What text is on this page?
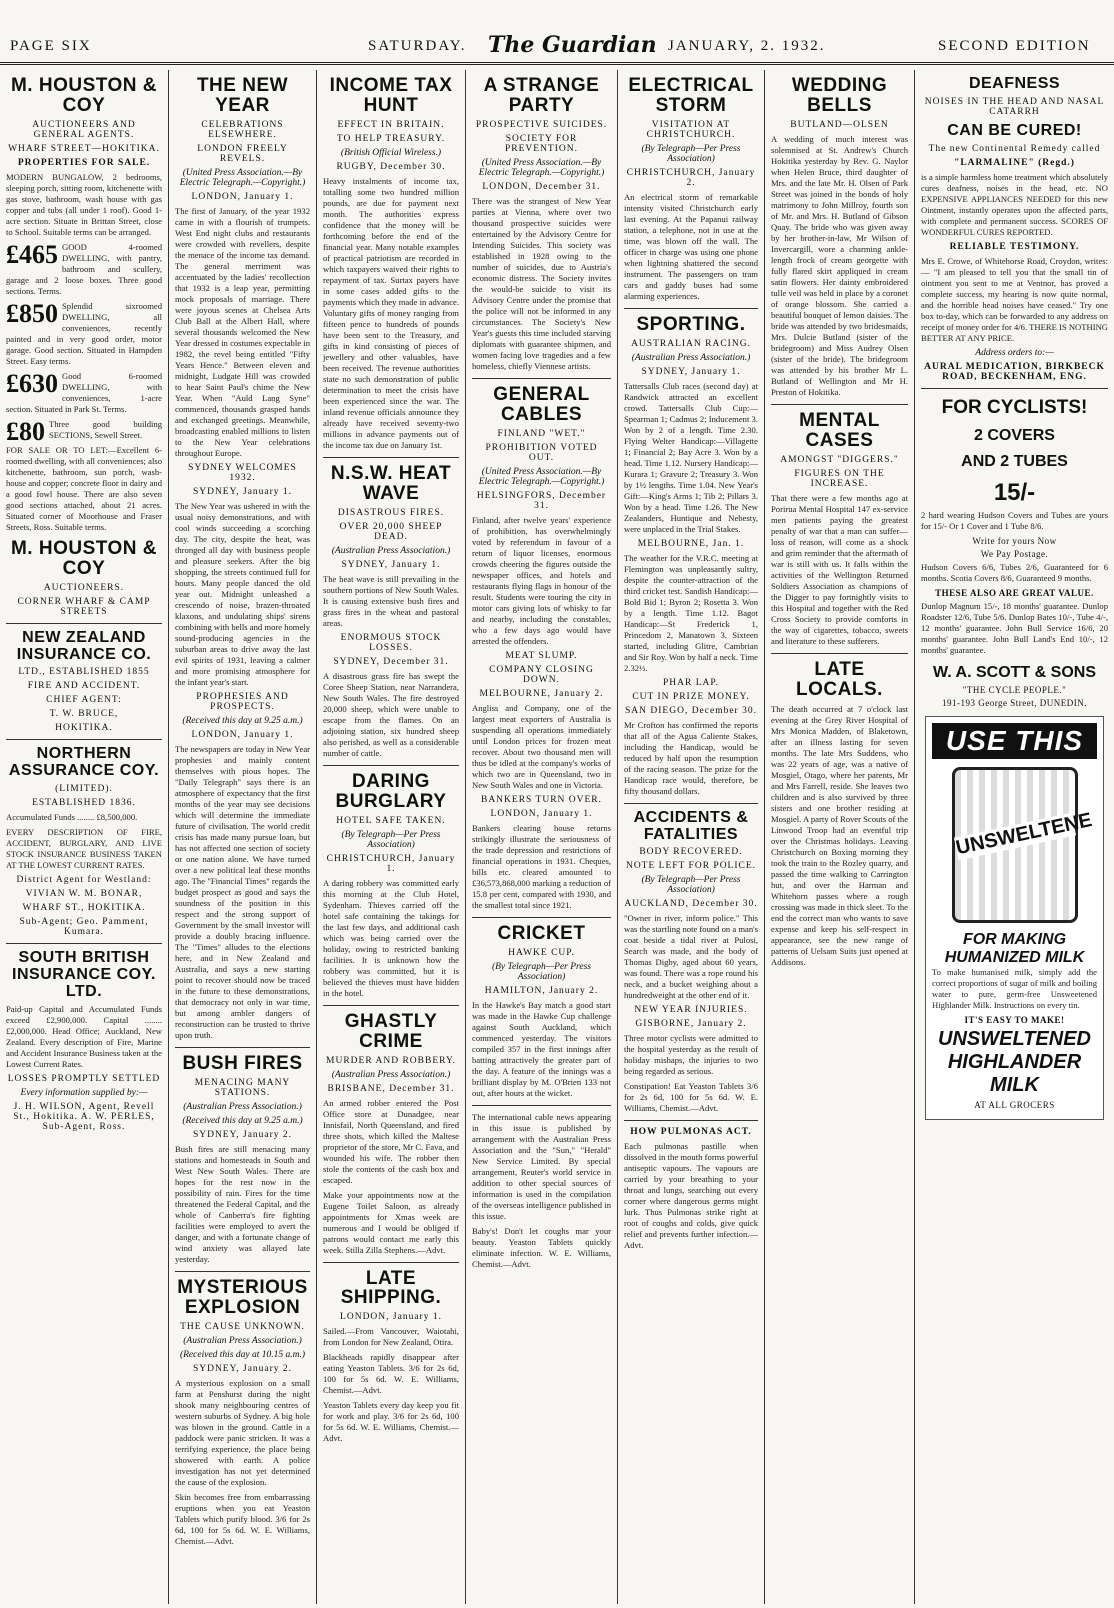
PAGE SIX	SATURDAY. The Guardian JANUARY, 2. 1932.	SECOND EDITION
M. HOUSTON & COY
AUCTIONEERS AND GENERAL AGENTS.
WHARF STREET—HOKITIKA.
PROPERTIES FOR SALE.

MODERN BUNGALOW, 2 bedrooms, sleeping porch, sitting room, kitchenette with gas stove, bathroom, wash house with gas copper and tubs (all under 1 roof). Good 1-acre section. Situate in Brittan Street, close to School. Suitable terms can be arranged.

£465 GOOD 4-roomed DWELLING, with pantry, bathroom and scullery, garage and 2 loose boxes. Three good sections. Terms.

£850 Splendid sixroomed DWELLING, all conveniences, recently painted and in very good order, motor garage. Good section. Situated in Hampden Street. Easy terms.

£630 Good 6-roomed DWELLING, with conveniences, 1-acre section. Situated in Park St. Terms.

£80 Three good building SECTIONS, Sewell Street.

FOR SALE OR TO LET:—Excellent 6-roomed dwelling, with all conveniences; also kitchenette, bathroom, sun porch, wash-house and copper; concrete floor in dairy and a good fowl house. There are also seven good sections attached, about 21 acres. Situated corner of Moorhouse and Fraser Streets, Ross. Suitable terms.

M. HOUSTON & COY
AUCTIONEERS.
CORNER WHARF & CAMP STREETS
NEW ZEALAND INSURANCE CO.
LTD., ESTABLISHED 1855
FIRE AND ACCIDENT.
CHIEF AGENT:
T. W. BRUCE,
HOKITIKA.
NORTHERN ASSURANCE COY.
(LIMITED).
ESTABLISHED 1836.

Accumulated Funds ........ £8,500,000.

EVERY DESCRIPTION OF FIRE, ACCIDENT, BURGLARY, AND LIVE STOCK INSURANCE BUSINESS TAKEN AT THE LOWEST CURRENT RATES.

District Agent for Westland:
VIVIAN W. M. BONAR,
WHARF ST., HOKITIKA.
Sub-Agent; Geo. Pamment, Kumara.
SOUTH BRITISH INSURANCE COY. LTD.

Paid-up Capital and Accumulated Funds exceed £2,900,000. Capital ........ £2,000,000. Head Office; Auckland, New Zealand. Every description of Fire, Marine and Accident Insurance Business taken at the Lowest Current Rates.

LOSSES PROMPTLY SETTLED
Every information supplied by:—
J. H. WILSON, Agent, Revell St., Hokitika. A. W. PERLES, Sub-Agent, Ross.
THE NEW YEAR
CELEBRATIONS ELSEWHERE.
LONDON FREELY REVELS.
(United Press Association.—By Electric Telegraph.—Copyright.)
LONDON, January 1.

The first of January, of the year 1932 came in with a flourish of trumpets. West End night clubs and restaurants were crowded with revellers, despite the menace of the income tax demand. The general merriment was accentuated by the ladies' recollection that 1932 is a leap year, permitting mock proposals of marriage. There were joyous scenes at Chelsea Arts Club Ball at the Albert Hall, where several thousands welcomed the New Year dressed in costumes expectable in 1982, the revel being entitled "Fifty Years Hence." Between eleven and midnight, Ludgate Hill was crowded to hear Saint Paul's chime the New Year. When "Auld Lang Syne" commenced, thousands grasped hands and exchanged greetings. Meanwhile, broadcasting enabled millions to listen to the New Year celebrations throughout Europe.

SYDNEY WELCOMES 1932.
SYDNEY, January 1.

The New Year was ushered in with the usual noisy demonstrations, and with cool winds succeeding a scorching day. The city, despite the heat, was thronged all day with business people and pleasure seekers. After the big shopping, the streets continued full for hours. Many people danced the old year out. Midnight unleashed a crescendo of noise, brazen-throated klaxons, and undulating ships' sirens combining with bells and more homely sound-producing agencies in the suburban areas to drive away the last evil spirits of 1931, leaving a calmer and more promising atmosphere for the infant year's start.

PROPHESIES AND PROSPECTS.
(Received this day at 9.25 a.m.)
LONDON, January 1.

The newspapers are today in New Year prophesies and mainly content themselves with pious hopes. The "Daily Telegraph" says there is an atmosphere of expectancy that the first months of the year may see decisions which will determine the immediate future of civilisation. The world credit crisis has made many pursue loan, but has not affected one section of society or one nation alone. We have turned over a new political leaf these months ago. The "Financial Times" regards the budget prospect as good and says the soundness of the position in this respect and the strong support of Government by the small investor will provide a doubly bracing influence. The "Times" alludes to the elections here, and in New Zealand and Australia, and says a new starting point to recover should now be traced in the future to these demonstrations, that democracy not only in war time, but among ambler dangers of reconstruction can be trusted to thrive upon truth.

BUSH FIRES
MENACING MANY STATIONS.
(Australian Press Association.)
(Received this day at 9.25 a.m.)
SYDNEY, January 2.

Bush fires are still menacing many stations and homesteads in South and West New South Wales. There are hopes for the rest now in the possibility of rain. Fires for the time threatened the Federal Capital, and the whole of Canberra's fire fighting facilities were employed to avert the danger, and with a fortunate change of wind anxiety was allayed late yesterday.

MYSTERIOUS EXPLOSION
THE CAUSE UNKNOWN.
(Australian Press Association.)
(Received this day at 10.15 a.m.)
SYDNEY, January 2.

A mysterious explosion on a small farm at Penshurst during the night shook many neighbouring centres of western suburbs of Sydney. A big hole was blown in the ground. Cattle in a paddock were panic stricken. It was a terrifying experience, the place being showered with earth. A police investigation has not yet determined the cause of the explosion.

Skin becomes free from embarrassing eruptions when you eat Yeaston Tablets which purify blood. 3/6 for 2s 6d, 100 for 5s 6d. W. E. Williams, Chemist.—Advt.

INCOME TAX HUNT
EFFECT IN BRITAIN.
TO HELP TREASURY.
(British Official Wireless.)
RUGBY, December 30.

Heavy instalments of income tax, totalling some two hundred million pounds, are due for payment next month. The authorities express confidence that the money will be forthcoming before the end of the financial year. Many notable examples of practical patriotism are recorded in which taxpayers waived their rights to repayment of tax. Surtax payers have in some cases added gifts to the payments which they made in advance. Voluntary gifts of money ranging from fifteen pence to hundreds of pounds have been sent to the Treasury, and gifts in kind consisting of pieces of jewellery and other valuables, have been received. The revenue authorities state no such demonstration of public determination to meet the crisis have been experienced since the war. The inland revenue officials announce they already have received seventy-two millions in advance payments out of the income tax due on January 1st.

N.S.W. HEAT WAVE
DISASTROUS FIRES.
OVER 20,000 SHEEP DEAD.
(Australian Press Association.)
SYDNEY, January 1.

The heat wave is still prevailing in the southern portions of New South Wales. It is causing extensive bush fires and grass fires in the wheat and pastoral areas.

ENORMOUS STOCK LOSSES.
SYDNEY, December 31.

A disastrous grass fire has swept the Coree Sheep Station, near Narrandera, New South Wales. The fire destroyed 20,000 sheep, which were unable to escape from the flames. On an adjoining station, six hundred sheep also perished, as well as a considerable number of cattle.

DARING BURGLARY
HOTEL SAFE TAKEN.
(By Telegraph—Per Press Association)
CHRISTCHURCH, January 1.

A daring robbery was committed early this morning at the Club Hotel, Sydenham. Thieves carried off the hotel safe containing the takings for the last few days, and additional cash which was being carried over the holiday, owing to restricted banking facilities. It is unknown how the robbery was committed, but it is believed the thieves must have hidden in the hotel.

GHASTLY CRIME
MURDER AND ROBBERY.
(Australian Press Association.)
BRISBANE, December 31.

An armed robber entered the Post Office store at Dunadgee, near Innisfail, North Queensland, and fired three shots, which killed the Maltese proprietor of the store, Mr C. Fava, and wounded his wife. The robber then stole the contents of the cash box and escaped.

Make your appointments now at the Eugene Toilet Saloon, as already appointments for Xmas week are numerous and I would be obliged if patrons would contact me early this week. Stilla Zilla Stephens.—Advt.

LATE SHIPPING.
LONDON, January 1.

Sailed.—From Vancouver, Waiotahi, from London for New Zealand, Otira.

Blackheads rapidly disappear after eating Yeaston Tablets. 3/6 for 2s 6d, 100 for 5s 6d. W. E. Williams, Chemist.—Advt.

Yeaston Tablets every day keep you fit for work and play. 3/6 for 2s 6d, 100 for 5s 6d. W. E. Williams, Chemist.—Advt.

A STRANGE PARTY
PROSPECTIVE SUICIDES.
SOCIETY FOR PREVENTION.
(United Press Association.—By Electric Telegraph.—Copyright.)
LONDON, December 31.

There was the strangest of New Year parties at Vienna, where over two thousand prospective suicides were entertained by the Advisory Centre for Intending Suicides. This society was established in 1928 owing to the number of suicides, due to Austria's economic distress. The Society invites the would-be suicide to visit its Advisory Centre under the promise that the police will not be informed in any circumstances. The Society's New Year's guests this time included starving diplomats with guarantee shipmen, and women facing love tragedies and a few homeless, chiefly Viennese artists.

GENERAL CABLES
FINLAND "WET."
PROHIBITION VOTED OUT.
(United Press Association.—By Electric Telegraph.—Copyright.)
HELSINGFORS, December 31.

Finland, after twelve years' experience of prohibition, has overwhelmingly voted by referendum in favour of a return of liquor licenses, enormous crowds cheering the figures outside the newspaper offices, and hotels and restaurants flying flags in honour of the result. Students were touring the city in motor cars giving lots of whisky to far and nearby, including the constables, who a few days ago would have arrested the offenders.

MEAT SLUMP.
COMPANY CLOSING DOWN.
MELBOURNE, January 2.

Angliss and Company, one of the largest meat exporters of Australia is suspending all operations immediately until London prices for frozen meat recover. About two thousand men will thus be idled at the company's works of which two are in Queensland, two in New South Wales and one in Victoria.

BANKERS TURN OVER.
LONDON, January 1.

Bankers clearing house returns strikingly illustrate the seriousness of the trade depression and restrictions of financial operations in 1931. Cheques, bills etc. cleared amounted to £36,573,868,000 marking a reduction of 15.8 per cent, compared with 1930, and the smallest total since 1921.

CRICKET
HAWKE CUP.
(By Telegraph—Per Press Association)
HAMILTON, January 2.

In the Hawke's Bay match a good start was made in the Hawke Cup challenge against South Auckland, which commenced yesterday. The visitors compiled 357 in the first innings after batting attractively the greater part of the day. A feature of the innings was a brilliant display by M. O'Brien 133 not out, after hours at the wicket.

The international cable news appearing in this issue is published by arrangement with the Australian Press Association and the "Sun," "Herald" New Service Limited. By special arrangement, Reuter's world service in addition to other special sources of information is used in the compilation of the overseas intelligence published in this issue.

Baby's! Don't let coughs mar your beauty. Yeaston Tablets quickly eliminate infection. W. E. Williams, Chemist.—Advt.

ELECTRICAL STORM
VISITATION AT CHRISTCHURCH.
(By Telegraph—Per Press Association)
CHRISTCHURCH, January 2.

An electrical storm of remarkable intensity visited Christchurch early last evening. At the Papanui railway station, a telephone, not in use at the time, was blown off the wall. The officer in charge was using one phone when lightning shattered the second instrument. The passengers on tram cars and gaddy buses had some alarming experiences.

SPORTING.
AUSTRALIAN RACING.
(Australian Press Association.)
SYDNEY, January 1.

Tattersalls Club races (second day) at Randwick attracted an excellent crowd. Tattersalls Club Cup:—Spearman 1; Cadmus 2; Inducement 3. Won by 2 of a length. Time 2.30. Flying Welter Handicap:—Villagette 1; Financial 2; Bay Acre 3. Won by a head. Time 1.12. Nursery Handicap:—Kurara 1; Gravure 2; Treasury 3. Won by 1½ lengths. Time 1.04. New Year's Gift:—King's Arms 1; Tib 2; Pillars 3. Won by a head. Time 1.26. The New Zealanders, Huntique and Nebesty, were unplaced in the Trial Stakes.

MELBOURNE, Jan. 1.

The weather for the V.R.C. meeting at Flemington was unpleasantly sultry, despite the counter-attraction of the third cricket test. Sandish Handicap:—Bold Bid 1; Byron 2; Rosetta 3. Won by a length. Time 1.12. Bagot Handicap:—St Frederick 1, Princedom 2, Manatown 3. Sixteen started, including Glitre, Cambrian and Sir Roy. Won by half a neck. Time 2.32½.

PHAR LAP.
CUT IN PRIZE MONEY.
SAN DIEGO, December 30.

Mr Crofton has confirmed the reports that all of the Agua Caliente Stakes, including the Handicap, would be reduced by half upon the resumption of the racing season. The prize for the Handicap race would, therefore, be fifty thousand dollars.

ACCIDENTS & FATALITIES
BODY RECOVERED.
NOTE LEFT FOR POLICE.
(By Telegraph—Per Press Association)
AUCKLAND, December 30.

"Owner in river, inform police." This was the startling note found on a man's coat beside a tidal river at Pulosi, Search was made, and the body of Thomas Digby, aged about 60 years, was found. There was a rope round his neck, and a bucket weighing about a hundredweight at the other end of it.

NEW YEAR INJURIES.
GISBORNE, January 2.

Three motor cyclists were admitted to the hospital yesterday as the result of holiday mishaps, the injuries to two being regarded as serious.

Constipation! Eat Yeaston Tablets 3/6 for 2s 6d, 100 for 5s 6d. W. E. Williams, Chemist.—Advt.

HOW PULMONAS ACT.

Each pulmonas pastille when dissolved in the mouth forms powerful antiseptic vapours. The vapours are carried by your breathing to your throat and lungs, searching out every corner where dangerous germs might lurk. Thus Pulmonas strike right at root of coughs and colds, give quick relief and prevents further infection.—Advt.

WEDDING BELLS
BUTLAND—OLSEN

A wedding of much interest was solemnised at St. Andrew's Church Hokitika yesterday by Rev. G. Naylor when Helen Bruce, third daughter of Mrs. and the late Mr. H. Olsen of Park Street was joined in the bonds of holy matrimony to John Millroy, fourth son of Mr. and Mrs. H. Butland of Gibson Quay. The bride who was given away by her brother-in-law, Mr Wilson of Invercargill, wore a charming ankle-length frock of cream georgette with fully flared skirt appliqued in cream satin flowers. Her dainty embroidered tulle veil was held in place by a coronet of orange blossom. She carried a beautiful bouquet of lemon daisies. The bride was attended by two bridesmaids, Mrs. Dulcie Butland (sister of the bridegroom) and Miss Audrey Olsen (sister of the bride). The bridegroom was attended by his brother Mr L. Butland of Wellington and Mr H. Preston of Hokitika.

MENTAL CASES
AMONGST "DIGGERS."
FIGURES ON THE INCREASE.

That there were a few months ago at Porirua Mental Hospital 147 ex-service men patients paying the greatest penalty of war that a man can suffer—loss of reason, will come as a shock and grim reminder that the aftermath of war is still with us. It falls within the activities of the Wellington Returned Soldiers Association as champions of the Digger to pay fortnightly visits to this Hospital and together with the Red Cross Society to provide comforts in the way of cigarettes, tobacco, sweets and literature to these sufferers.

LATE LOCALS.

The death occurred at 7 o'clock last evening at the Grey River Hospital of Mrs Monica Madden, of Blaketown, after an illness lasting for seven months. The late Mrs Suddens, who was 22 years of age, was a native of Mosgiel, Otago, where her parents, Mr and Mrs Farrell, reside. She leaves two children and is also survived by three sisters and one brother residing at Mosgiel. A party of Rover Scouts of the Linwood Troop had an eventful trip over the Christmas holidays. Leaving Christchurch on Boxing morning they took the train to the Rozley quarry, and passed the time walking to Carrington hut, and over the Harman and Whitehorn passes where a rough crossing was made in thick sleet. To the end the correct man who wants to save expense and keep his self-respect in appearance, see the new range of patterns of Uelsam Suits just opened at Addisons.

DEAFNESS
NOISES IN THE HEAD AND NASAL CATARRH
CAN BE CURED!
The new Continental Remedy called
"LARMALINE" (Regd.)

is a simple harmless home treatment which absolutely cures deafness, noises in the head, etc. NO EXPENSIVE APPLIANCES NEEDED for this new Ointment, instantly operates upon the affected parts, with complete and permanent success. SCORES OF WONDERFUL CURES REPORTED.

RELIABLE TESTIMONY.

Mrs E. Crowe, of Whitehorse Road, Croydon, writes:— "I am pleased to tell you that the small tin of ointment you sent to me at Ventnor, has proved a complete success, my hearing is now quite normal, and the horrible head noises have ceased." Try one box to-day, which can be forwarded to any address on receipt of money order for 4/6. THERE IS NOTHING BETTER AT ANY PRICE.

Address orders to:—
AURAL MEDICATION, BIRKBECK ROAD, BECKENHAM, ENG.
FOR CYCLISTS!
2 COVERS
AND 2 TUBES
15/-

2 hard wearing Hudson Covers and Tubes are yours for 15/- Or 1 Cover and 1 Tube 8/6.

Write for yours Now
We Pay Postage.

Hudson Covers 6/6, Tubes 2/6, Guaranteed for 6 months. Scotia Covers 8/6, Guaranteed 9 months.

THESE ALSO ARE GREAT VALUE.

Dunlop Magnum 15/-, 18 months' guarantee. Dunlop Roadster 12/6, Tube 5/6. Dunlop Bates 10/-, Tube 4/-, 12 months' guarantee. John Bull Service 16/6, 20 months' guarantee. John Bull Land's End 10/-, 12 months' guarantee.

W. A. SCOTT & SONS
"THE CYCLE PEOPLE."
191-193 George Street, DUNEDIN.
USE THIS
UNSWELTENE
FOR MAKING HUMANIZED MILK

To make humanised milk, simply add the correct proportions of sugar of milk and boiling water to pure, germ-free Unsweetened Highlander Milk. Instructions on every tin.

IT'S EASY TO MAKE!
UNSWELTENED HIGHLANDER MILK
AT ALL GROCERS
